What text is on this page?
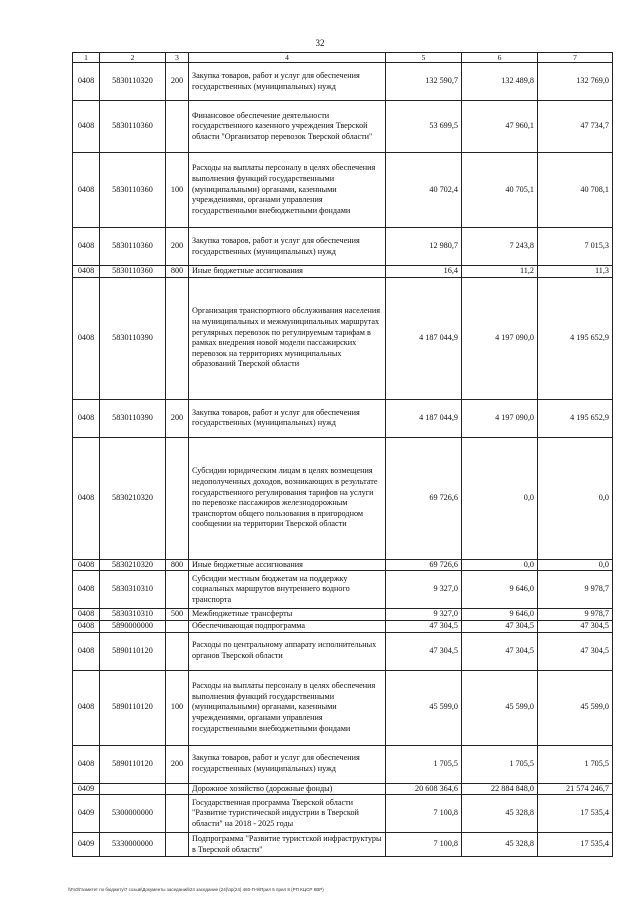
32
1	2	3	4	5	6	7
0408	5830110320	200	Закупка товаров, работ и услуг для обеспечения государственных (муниципальных) нужд	132 590,7	132 489,8	132 769,0
0408	5830110360		Финансовое обеспечение деятельности государственного казенного учреждения Тверской области "Организатор перевозок Тверской области"	53 699,5	47 960,1	47 734,7
0408	5830110360	100	Расходы на выплаты персоналу в целях обеспечения выполнения функций государственными (муниципальными) органами, казенными учреждениями, органами управления государственными внебюджетными фондами	40 702,4	40 705,1	40 708,1
0408	5830110360	200	Закупка товаров, работ и услуг для обеспечения государственных (муниципальных) нужд	12 980,7	7 243,8	7 015,3
0408	5830110360	800	Иные бюджетные ассигнования	16,4	11,2	11,3
0408	5830110390		Организация транспортного обслуживания населения на муниципальных и межмуниципальных маршрутах регулярных перевозок по регулируемым тарифам в рамках внедрения новой модели пассажирских перевозок на территориях муниципальных образований Тверской области	4 187 044,9	4 197 090,0	4 195 652,9
0408	5830110390	200	Закупка товаров, работ и услуг для обеспечения государственных (муниципальных) нужд	4 187 044,9	4 197 090,0	4 195 652,9
0408	5830210320		Субсидии юридическим лицам в целях возмещения недополученных доходов, возникающих в результате государственного регулирования тарифов на услуги по перевозке пассажиров железнодорожным транспортом общего пользования в пригородном сообщении на территории Тверской области	69 726,6	0,0	0,0
0408	5830210320	800	Иные бюджетные ассигнования	69 726,6	0,0	0,0
0408	5830310310		Субсидии местным бюджетам на поддержку социальных маршрутов внутреннего водного транспорта	9 327,0	9 646,0	9 978,7
0408	5830310310	500	Межбюджетные трансферты	9 327,0	9 646,0	9 978,7
0408	5890000000		Обеспечивающая подпрограмма	47 304,5	47 304,5	47 304,5
0408	5890110120		Расходы по центральному аппарату исполнительных органов Тверской области	47 304,5	47 304,5	47 304,5
0408	5890110120	100	Расходы на выплаты персоналу в целях обеспечения выполнения функций государственными (муниципальными) органами, казенными учреждениями, органами управления государственными внебюджетными фондами	45 599,0	45 599,0	45 599,0
0408	5890110120	200	Закупка товаров, работ и услуг для обеспечения государственных (муниципальных) нужд	1 705,5	1 705,5	1 705,5
0409			Дорожное хозяйство (дорожные фонды)	20 608 364,6	22 884 848,0	21 574 246,7
0409	5300000000		Государственная программа Тверской области "Развитие туристической индустрии в Тверской области" на 2018 - 2025 годы	7 100,8	45 328,8	17 535,4
0409	5330000000		Подпрограмма "Развитие туристской инфраструктуры в Тверской области"	7 100,8	45 328,8	17 535,4
\\Fs0\Газмитет по бюджету\7 созыв\Документы заседаний\24 заседание (24)\пр(24) 460-П-9\Прил 5 прил 8 (РП КЦСР КВР)
